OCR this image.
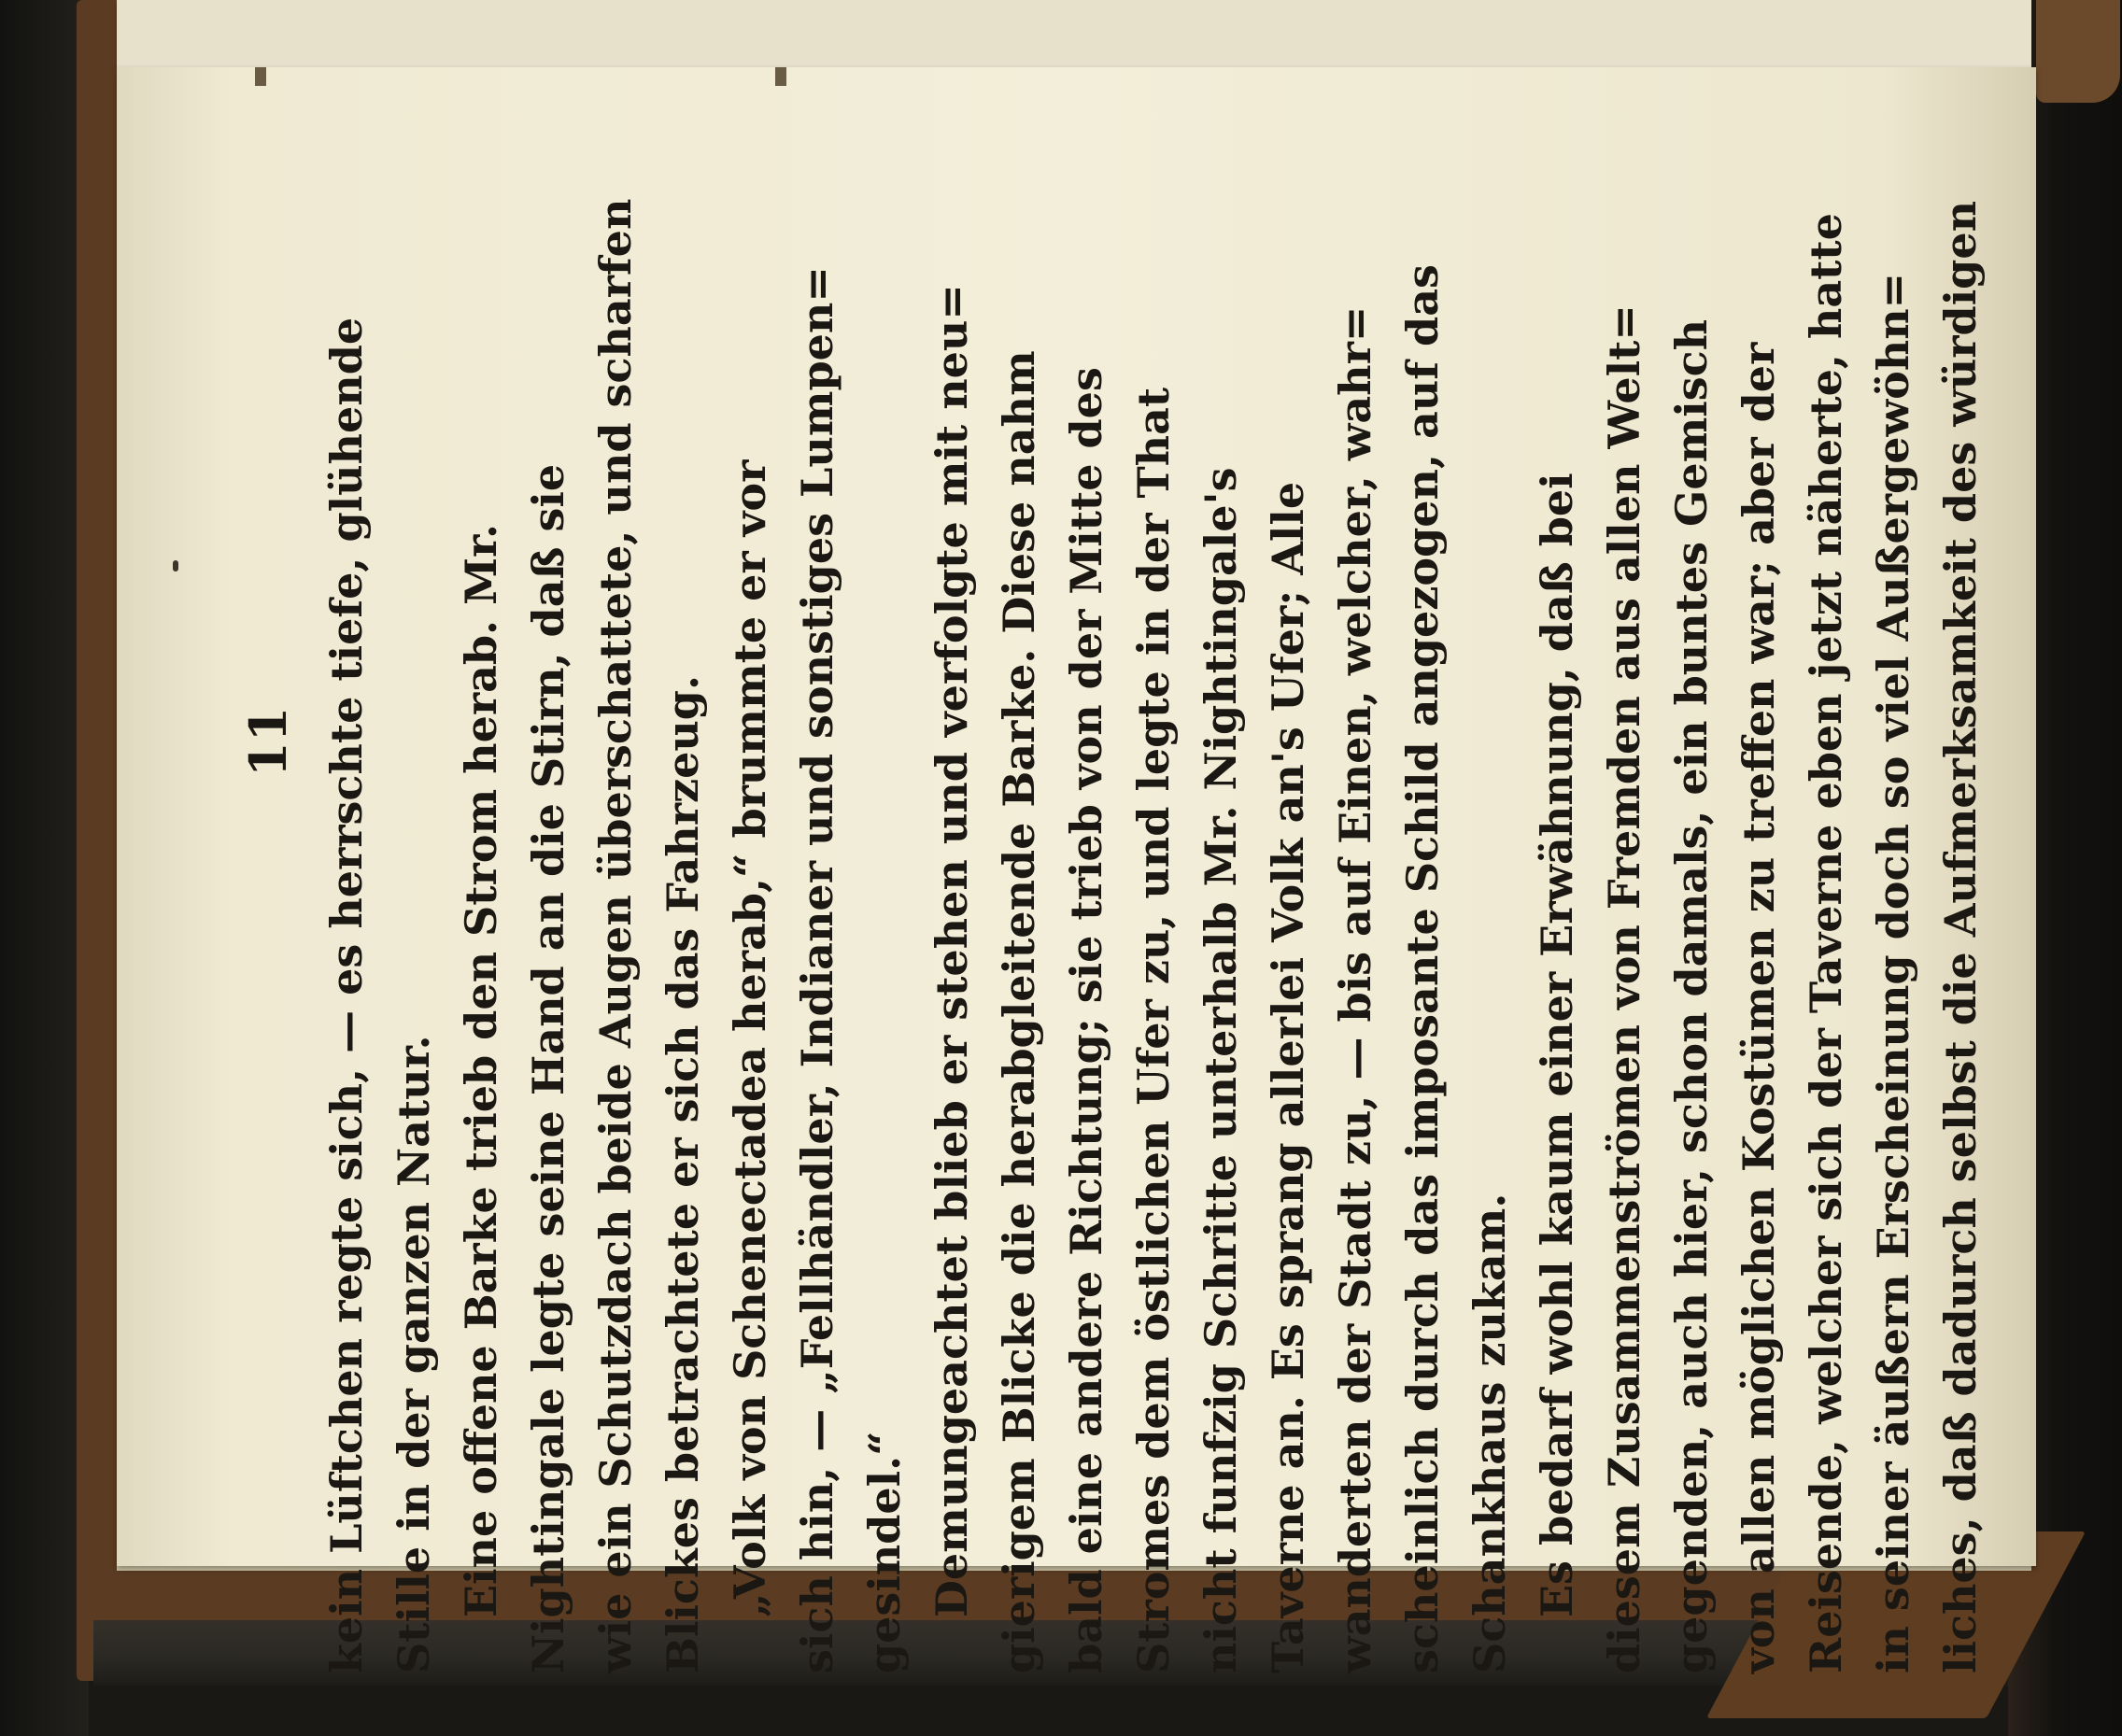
11 kein Lüftchen regte sich, — es herrschte tiefe, glühende Stille in der ganzen Natur. Eine offene Barke trieb den Strom herab. Mr. Nightingale legte seine Hand an die Stirn, daß sie wie ein Schutzdach beide Augen überschattete, und scharfen Blickes betrachtete er sich das Fahrzeug. „Volk von Schenectadea herab,“ brummte er vor sich hin, — „Fellhändler, Indianer und sonstiges Lumpen= gesindel.“ Demungeachtet blieb er stehen und verfolgte mit neu= gierigem Blicke die herabgleitende Barke. Diese nahm bald eine andere Richtung; sie trieb von der Mitte des Stromes dem östlichen Ufer zu, und legte in der That nicht funfzig Schritte unterhalb Mr. Nightingale's Taverne an. Es sprang allerlei Volk an's Ufer; Alle wanderten der Stadt zu, — bis auf Einen, welcher, wahr= scheinlich durch das imposante Schild angezogen, auf das Schankhaus zukam. Es bedarf wohl kaum einer Erwähnung, daß bei diesem Zusammenströmen von Fremden aus allen Welt= gegenden, auch hier, schon damals, ein buntes Gemisch von allen möglichen Kostümen zu treffen war; aber der Reisende, welcher sich der Taverne eben jetzt näherte, hatte in seiner äußern Erscheinung doch so viel Außergewöhn= liches, daß dadurch selbst die Aufmerksamkeit des würdigen
